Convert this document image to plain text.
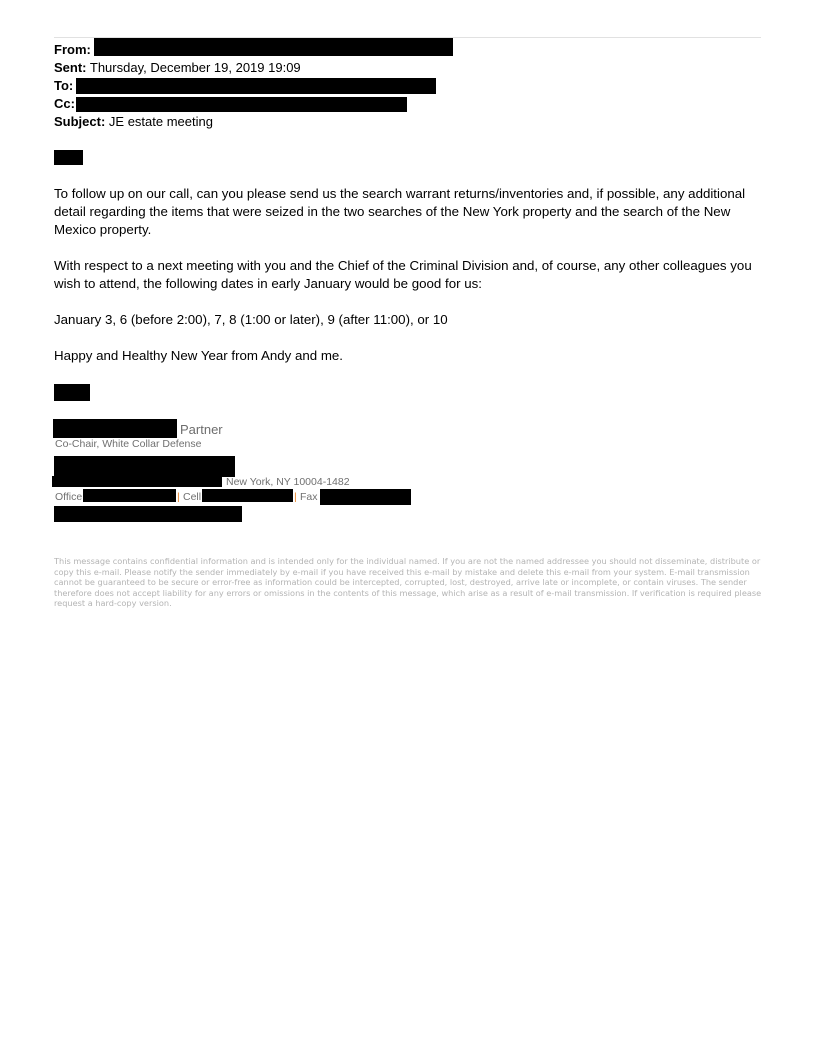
From:
Sent: Thursday, December 19, 2019 19:09
To:
Cc:
Subject: JE estate meeting
To follow up on our call, can you please send us the search warrant returns/inventories and, if possible, any additional detail regarding the items that were seized in the two searches of the New York property and the search of the New Mexico property.
With respect to a next meeting with you and the Chief of the Criminal Division and, of course, any other colleagues you wish to attend, the following dates in early January would be good for us:
January 3, 6 (before 2:00), 7, 8 (1:00 or later), 9 (after 11:00), or 10
Happy and Healthy New Year from Andy and me.
Partner
Co-Chair, White Collar Defense
New York, NY 10004-1482
Office	| Cell	| Fax
This message contains confidential information and is intended only for the individual named. If you are not the named addressee you should not disseminate, distribute or copy this e-mail. Please notify the sender immediately by e-mail if you have received this e-mail by mistake and delete this e-mail from your system. E-mail transmission cannot be guaranteed to be secure or error-free as information could be intercepted, corrupted, lost, destroyed, arrive late or incomplete, or contain viruses. The sender therefore does not accept liability for any errors or omissions in the contents of this message, which arise as a result of e-mail transmission. If verification is required please request a hard-copy version.
